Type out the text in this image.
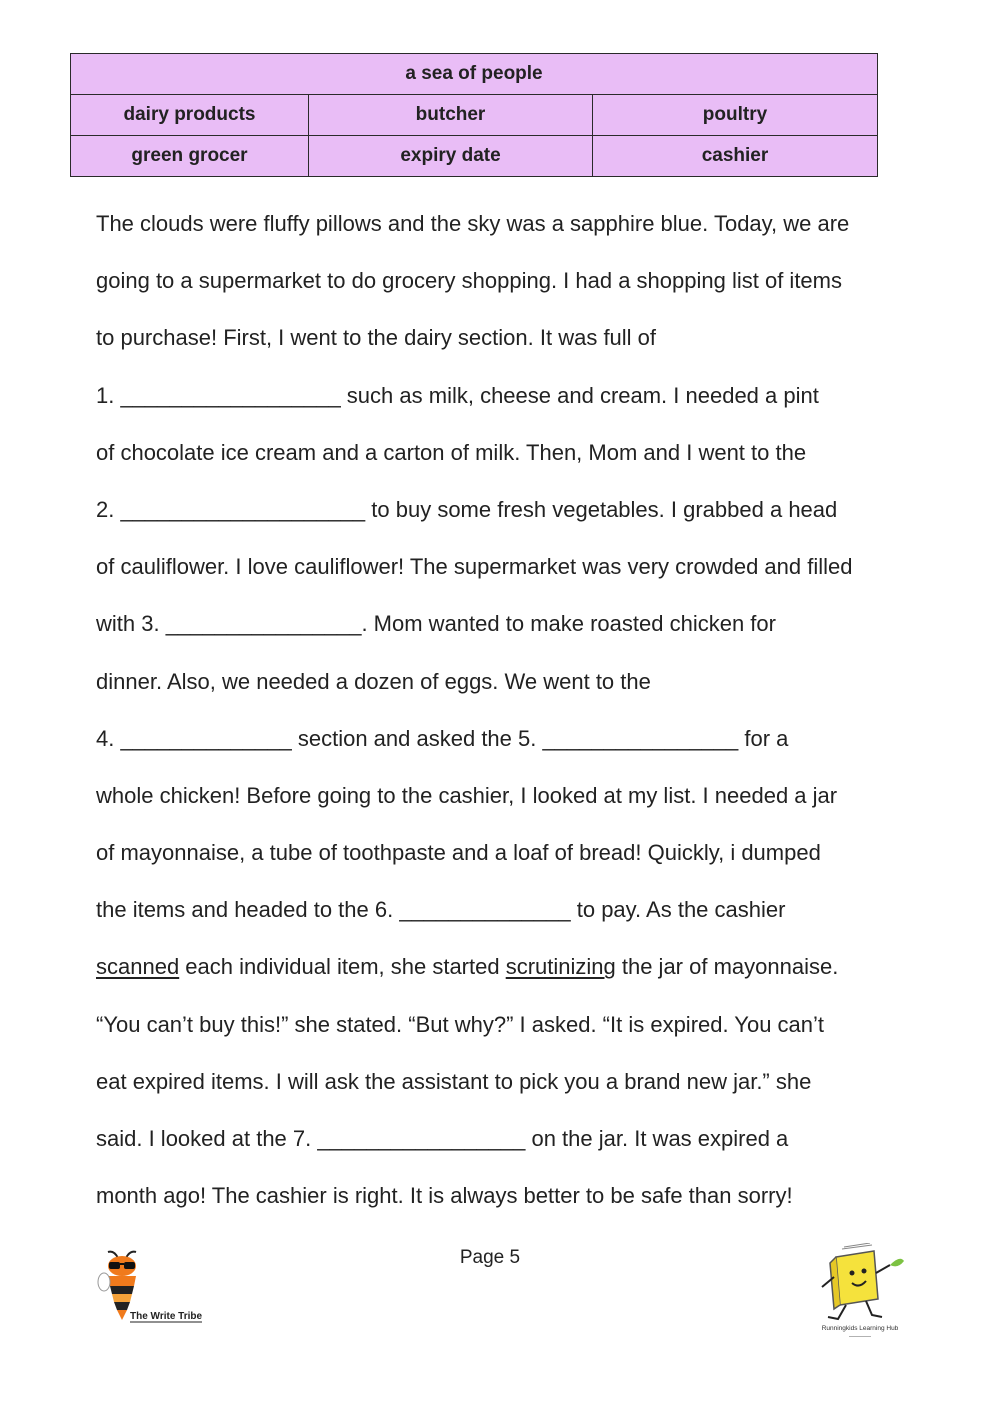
a sea of people		
dairy products	butcher	poultry
green grocer	expiry date	cashier
The clouds were fluffy pillows and the sky was a sapphire blue. Today, we are
going to a supermarket to do grocery shopping. I had a shopping list of items
to purchase! First, I went to the dairy section. It was full of
1. __________________ such as milk, cheese and cream. I needed a pint
of chocolate ice cream and a carton of milk. Then, Mom and I went to the
2. ____________________ to buy some fresh vegetables. I grabbed a head
of cauliflower. I love cauliflower! The supermarket was very crowded and filled
with 3. ________________. Mom wanted to make roasted chicken for
dinner. Also, we needed a dozen of eggs. We went to the
4. ______________ section and asked the 5. ________________ for a
whole chicken! Before going to the cashier, I looked at my list. I needed a jar
of mayonnaise, a tube of toothpaste and a loaf of bread! Quickly, i dumped
the items and headed to the 6. ______________ to pay. As the cashier
scanned each individual item, she started scrutinizing the jar of mayonnaise.
“You can’t buy this!” she stated. “But why?” I asked. “It is expired. You can’t
eat expired items. I will ask the assistant to pick you a brand new jar.” she
said. I looked at the 7. _________________ on the jar. It was expired a
month ago! The cashier is right. It is always better to be safe than sorry!
Page 5
The Write Tribe
Runningkids Learning Hub
————
